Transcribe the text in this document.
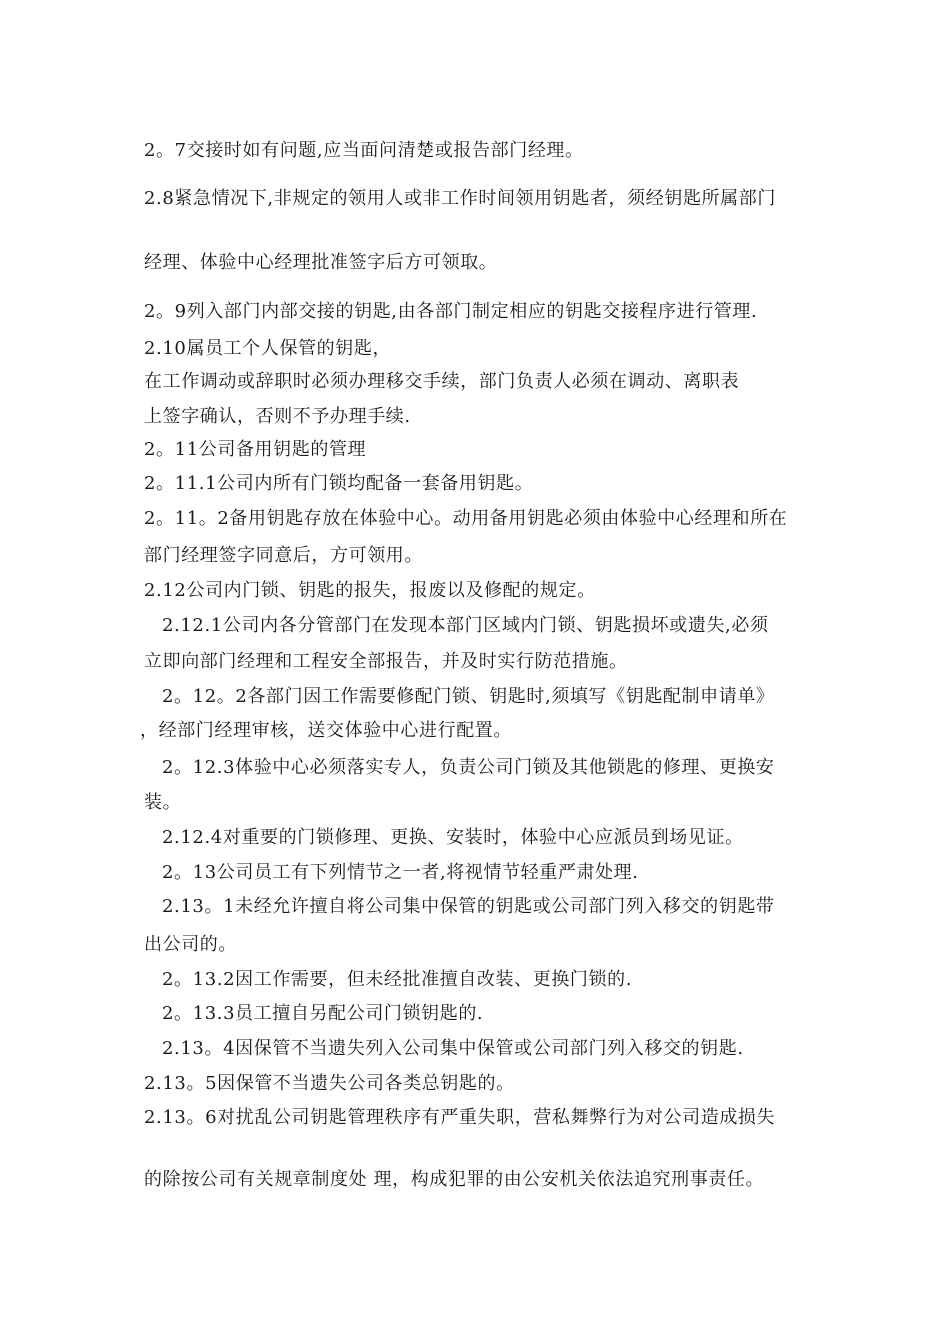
2。7交接时如有问题,应当面问清楚或报告部门经理。
2.8紧急情况下,非规定的领用人或非工作时间领用钥匙者，须经钥匙所属部门
经理、体验中心经理批准签字后方可领取。
2。9列入部门内部交接的钥匙,由各部门制定相应的钥匙交接程序进行管理.
2.10属员工个人保管的钥匙，
在工作调动或辞职时必须办理移交手续，部门负责人必须在调动、离职表
上签字确认，否则不予办理手续.
2。11公司备用钥匙的管理
2。11.1公司内所有门锁均配备一套备用钥匙。
2。11。2备用钥匙存放在体验中心。动用备用钥匙必须由体验中心经理和所在
部门经理签字同意后，方可领用。
2.12公司内门锁、钥匙的报失，报废以及修配的规定。
2.12.1公司内各分管部门在发现本部门区域内门锁、钥匙损坏或遗失,必须
立即向部门经理和工程安全部报告，并及时实行防范措施。
2。12。2各部门因工作需要修配门锁、钥匙时,须填写《钥匙配制申请单》
，经部门经理审核，送交体验中心进行配置。
2。12.3体验中心必须落实专人，负责公司门锁及其他锁匙的修理、更换安
装。
2.12.4对重要的门锁修理、更换、安装时，体验中心应派员到场见证。
2。13公司员工有下列情节之一者,将视情节轻重严肃处理.
2.13。1未经允许擅自将公司集中保管的钥匙或公司部门列入移交的钥匙带
出公司的。
2。13.2因工作需要，但未经批准擅自改装、更换门锁的.
2。13.3员工擅自另配公司门锁钥匙的.
2.13。4因保管不当遗失列入公司集中保管或公司部门列入移交的钥匙.
2.13。5因保管不当遗失公司各类总钥匙的。
2.13。6对扰乱公司钥匙管理秩序有严重失职，营私舞弊行为对公司造成损失
的除按公司有关规章制度处 理，构成犯罪的由公安机关依法追究刑事责任。
